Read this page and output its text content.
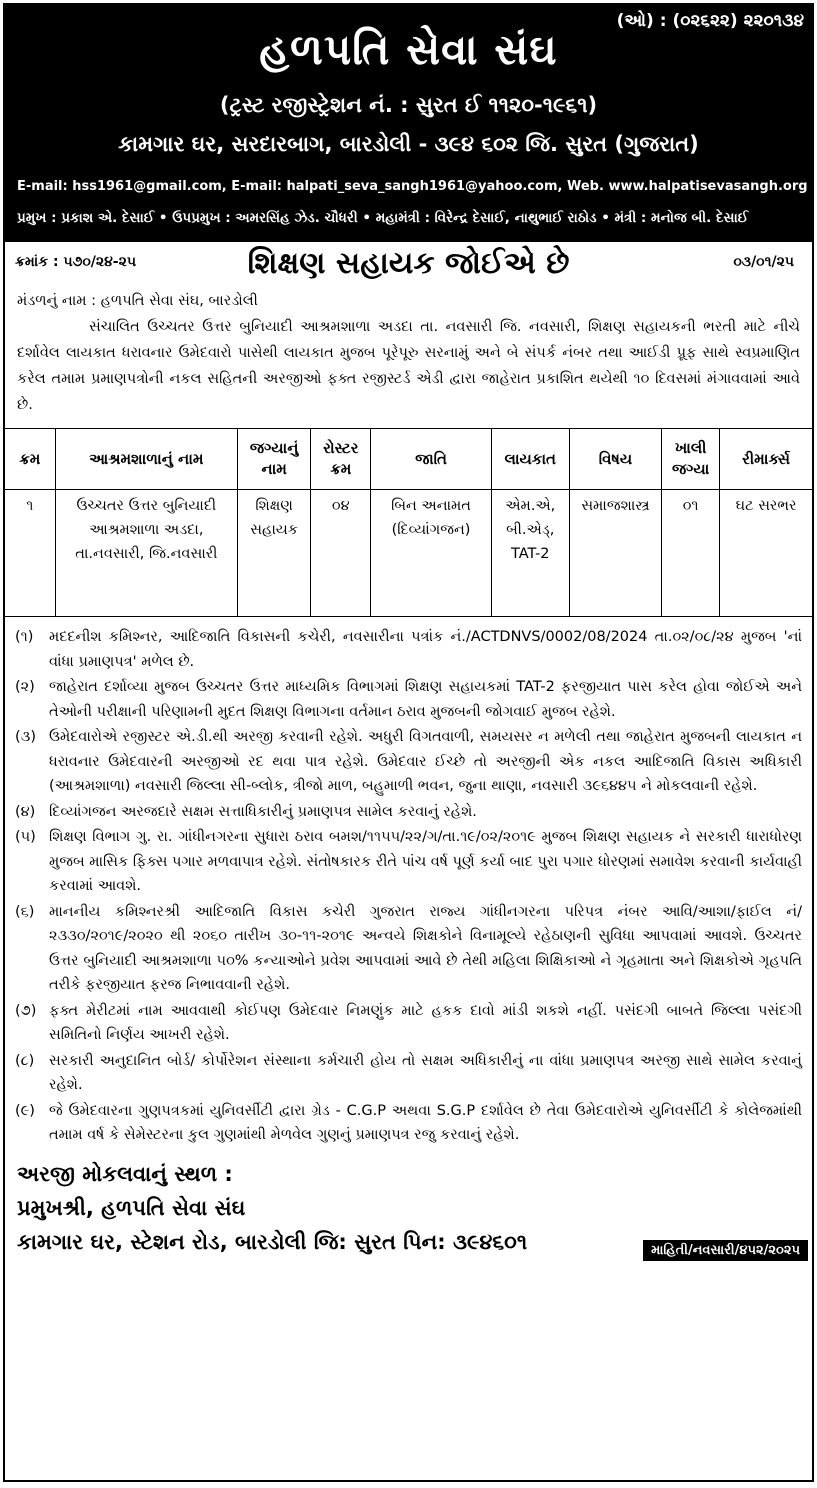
(ઓ) : (૦૨૬૨૨) ૨૨૦૧૩૪
હળપતિ સેવા સંઘ
(ટ્રસ્ટ રજીસ્ટ્રેશન નં. : સુરત ઈ ૧૧૨૦-૧૯૬૧)
કામગાર ઘર, સરદારબાગ, બારડોલી - ૩૯૪ ૬૦૨ જિ. સુરત (ગુજરાત)
E-mail: hss1961@gmail.com, E-mail: halpati_seva_sangh1961@yahoo.com, Web. www.halpatisevasangh.org
પ્રમુખ : પ્રકાશ એ. દેસાઈ • ઉપપ્રમુખ : અમરસિંહ ઝેડ. ચૌધરી • મહામંત્રી : વિરેન્દ્ર દેસાઈ, નાથુભાઈ રાઠોડ • મંત્રી : મનોજ બી. દેસાઈ
ક્રમાંક : ૫૭૦/૨૪-૨૫	શિક્ષણ સહાયક જોઈએ છે	૦૩/૦૧/૨૫
મંડળનું નામ : હળપતિ સેવા સંઘ, બારડોલી
સંચાલિત ઉચ્ચતર ઉત્તર બુનિયાદી આશ્રમશાળા અડદા તા. નવસારી જિ. નવસારી, શિક્ષણ સહાયકની ભરતી માટે નીચે દર્શાવેલ લાયકાત ધરાવનાર ઉમેદવારો પાસેથી લાયકાત મુજબ પૂરેપૂરુ સરનામું અને બે સંપર્ક નંબર તથા આઈડી પ્રૂફ સાથે સ્વપ્રમાણિત કરેલ તમામ પ્રમાણપત્રોની નકલ સહિતની અરજીઓ ફક્ત રજીસ્ટર્ડ એડી દ્વારા જાહેરાત પ્રકાશિત થયેથી ૧૦ દિવસમાં મંગાવવામાં આવે છે.
ક્રમ	આશ્રમશાળાનું નામ	જગ્યાનું નામ	રોસ્ટર ક્રમ	જાતિ	લાયકાત	વિષય	ખાલી જગ્યા	રીમાર્ક્સ
૧	ઉચ્ચતર ઉત્તર બુનિયાદી આશ્રમશાળા અડદા, તા.નવસારી, જિ.નવસારી	શિક્ષણ સહાયક	૦૪	બિન અનામત (દિવ્યાંગજન)	એમ.એ, બી.એડ્, TAT-2	સમાજશાસ્ત્ર	૦૧	ઘટ સરભર
(૧)	મદદનીશ કમિશ્નર, આદિજાતિ વિકાસની કચેરી, નવસારીના પત્રાંક નં./ACTDNVS/0002/08/2024 તા.૦૨/૦૮/૨૪ મુજબ 'નાં વાંધા પ્રમાણપત્ર' મળેલ છે.
(૨) જાહેરાત દર્શાવ્યા મુજબ ઉચ્ચતર ઉત્તર માધ્યમિક વિભાગમાં શિક્ષણ સહાયકમાં TAT-2 ફરજીયાત પાસ કરેલ હોવા જોઈએ અને તેઓની પરીક્ષાની પરિણામની મુદત શિક્ષણ વિભાગના વર્તમાન ઠરાવ મુજબની જોગવાઈ મુજબ રહેશે.
(૩) ઉમેદવારોએ રજીસ્ટર એ.ડી.થી અરજી કરવાની રહેશે. અધુરી વિગતવાળી, સમયસર ન મળેલી તથા જાહેરાત મુજબની લાયકાત ન ધરાવનાર ઉમેદવારની અરજીઓ રદ થવા પાત્ર રહેશે. ઉમેદવાર ઈચ્છે તો અરજીની એક નકલ આદિજાતિ વિકાસ અધિકારી (આશ્રમશાળા) નવસારી જિલ્લા સી-બ્લોક, ત્રીજો માળ, બહુમાળી ભવન, જુના થાણા, નવસારી ૩૯૬૪૪૫ ને મોકલવાની રહેશે.
(૪) દિવ્યાંગજન અરજદારે સક્ષમ સત્તાધિકારીનું પ્રમાણપત્ર સામેલ કરવાનું રહેશે.
(૫) શિક્ષણ વિભાગ ગુ. રા. ગાંધીનગરના સુધારા ઠરાવ બમશ/૧૧૫૫/૨૨/ગ/તા.૧૯/૦૨/૨૦૧૯ મુજબ શિક્ષણ સહાયક ને સરકારી ધારાધોરણ મુજબ માસિક ફિક્સ પગાર મળવાપાત્ર રહેશે. સંતોષકારક રીતે પાંચ વર્ષ પૂર્ણ કર્યા બાદ પુરા પગાર ધોરણમાં સમાવેશ કરવાની કાર્યવાહી કરવામાં આવશે.
(૬)	માનનીય કમિશ્નરશ્રી આદિજાતિ વિકાસ કચેરી ગુજરાત રાજ્ય ગાંધીનગરના પરિપત્ર નંબર આવિ/આશા/ફાઈલ નં/૨૩૩૦/૨૦૧૯/૨૦૨૦ થી ૨૦૬૦ તારીખ ૩૦-૧૧-૨૦૧૯ અન્વયે શિક્ષકોને વિનામૂલ્યે રહેઠાણની સુવિધા આપવામાં આવશે. ઉચ્ચતર ઉત્તર બુનિયાદી આશ્રમશાળા ૫૦% કન્યાઓને પ્રવેશ આપવામાં આવે છે તેથી મહિલા શિક્ષિકાઓ ને ગૃહમાતા અને શિક્ષકોએ ગૃહપતિ તરીકે ફરજીયાત ફરજ નિભાવવાની રહેશે.
(૭) ફક્ત મેરીટમાં નામ આવવાથી કોઈપણ ઉમેદવાર નિમણુંક માટે હકક દાવો માંડી શકશે નહીં. પસંદગી બાબતે જિલ્લા પસંદગી સમિતિનો નિર્ણય આખરી રહેશે.
(૮)	સરકારી અનુદાનિત બોર્ડ/ કોર્પોરેશન સંસ્થાના કર્મચારી હોય તો સક્ષમ અધિકારીનું ના વાંધા પ્રમાણપત્ર અરજી સાથે સામેલ કરવાનું રહેશે.
(૯) જે ઉમેદવારના ગુણપત્રકમાં યુનિવર્સીટી દ્વારા ગ્રેડ - C.G.P અથવા S.G.P દર્શાવેલ છે તેવા ઉમેદવારોએ યુનિવર્સીટી કે કોલેજમાંથી તમામ વર્ષ કે સેમેસ્ટરના કુલ ગુણમાંથી મેળવેલ ગુણનું પ્રમાણપત્ર રજુ કરવાનું રહેશે.
અરજી મોકલવાનું સ્થળ :
પ્રમુખશ્રી, હળપતિ સેવા સંઘ
કામગાર ઘર, સ્ટેશન રોડ, બારડોલી જિ: સુરત પિન: ૩૯૪૬૦૧	માહિતી/નવસારી/૪૫૨/૨૦૨૫
